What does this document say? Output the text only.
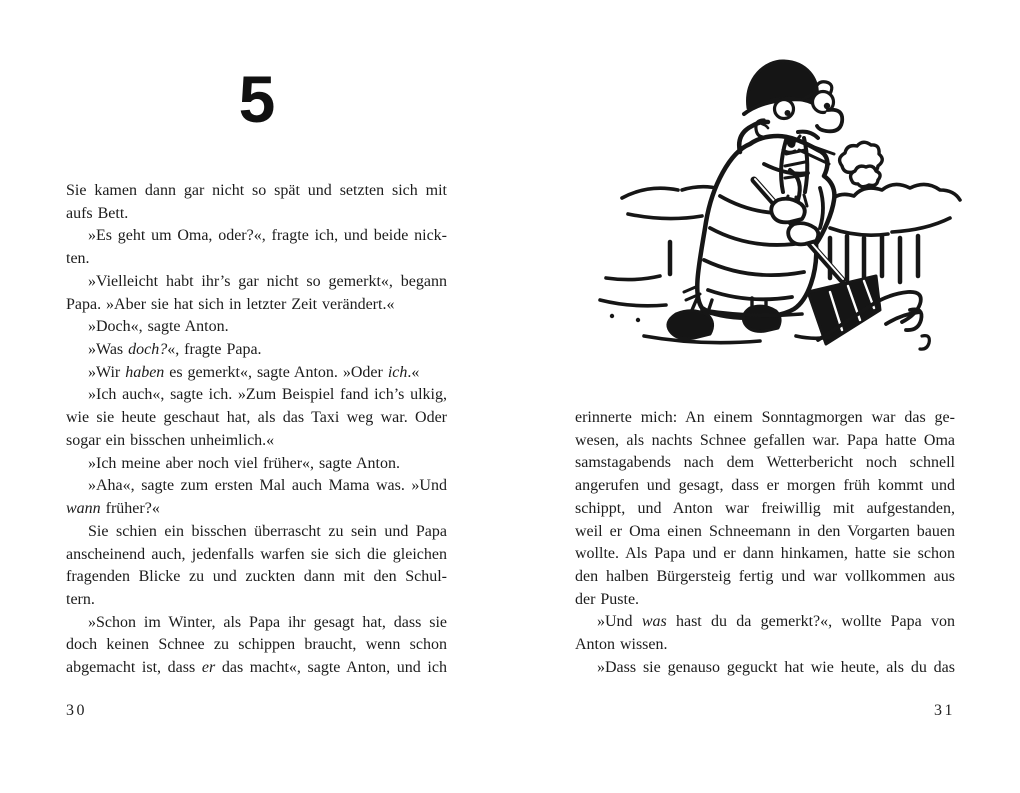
5
Sie kamen dann gar nicht so spät und setzten sich mit
aufs Bett.
»Es geht um Oma, oder?«, fragte ich, und beide nick-
ten.
»Vielleicht habt ihr’s gar nicht so gemerkt«, begann
Papa. »Aber sie hat sich in letzter Zeit verändert.«
»Doch«, sagte Anton.
»Was doch?«, fragte Papa.
»Wir haben es gemerkt«, sagte Anton. »Oder ich.«
»Ich auch«, sagte ich. »Zum Beispiel fand ich’s ulkig,
wie sie heute geschaut hat, als das Taxi weg war. Oder
sogar ein bisschen unheimlich.«
»Ich meine aber noch viel früher«, sagte Anton.
»Aha«, sagte zum ersten Mal auch Mama was. »Und
wann früher?«
Sie schien ein bisschen überrascht zu sein und Papa
anscheinend auch, jedenfalls warfen sie sich die gleichen
fragenden Blicke zu und zuckten dann mit den Schul-
tern.
»Schon im Winter, als Papa ihr gesagt hat, dass sie
doch keinen Schnee zu schippen braucht, wenn schon
abgemacht ist, dass er das macht«, sagte Anton, und ich
30
erinnerte mich: An einem Sonntagmorgen war das ge-
wesen, als nachts Schnee gefallen war. Papa hatte Oma
samstagabends nach dem Wetterbericht noch schnell
angerufen und gesagt, dass er morgen früh kommt und
schippt, und Anton war freiwillig mit aufgestanden,
weil er Oma einen Schneemann in den Vorgarten bauen
wollte. Als Papa und er dann hinkamen, hatte sie schon
den halben Bürgersteig fertig und war vollkommen aus
der Puste.
»Und was hast du da gemerkt?«, wollte Papa von
Anton wissen.
»Dass sie genauso geguckt hat wie heute, als du das
31
